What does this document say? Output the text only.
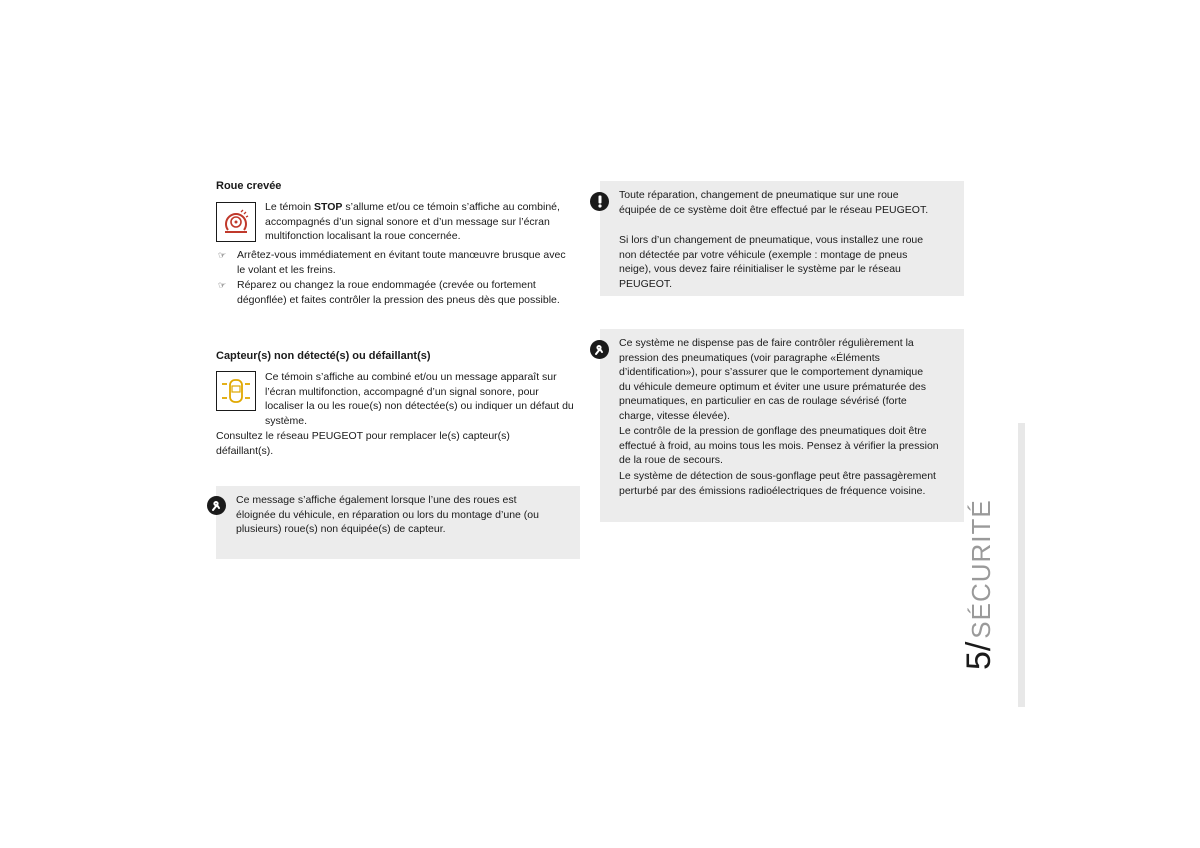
Roue crevée

Le témoin STOP s’allume et/ou ce témoin s’affiche au combiné, accompagnés d’un signal sonore et d’un message sur l’écran multifonction localisant la roue concernée.

☞ Arrêtez-vous immédiatement en évitant toute manœuvre brusque avec le volant et les freins.
☞ Réparez ou changez la roue endommagée (crevée ou fortement dégonflée) et faites contrôler la pression des pneus dès que possible.
Capteur(s) non détecté(s) ou défaillant(s)

Ce témoin s’affiche au combiné et/ou un message apparaît sur l’écran multifonction, accompagné d’un signal sonore, pour localiser la ou les roue(s) non détectée(s) ou indiquer un défaut du système.

Consultez le réseau PEUGEOT pour remplacer le(s) capteur(s) défaillant(s).

Ce message s’affiche également lorsque l’une des roues est éloignée du véhicule, en réparation ou lors du montage d’une (ou plusieurs) roue(s) non équipée(s) de capteur.

Toute réparation, changement de pneumatique sur une roue équipée de ce système doit être effectué par le réseau PEUGEOT.

Si lors d’un changement de pneumatique, vous installez une roue non détectée par votre véhicule (exemple : montage de pneus neige), vous devez faire réinitialiser le système par le réseau PEUGEOT.

Ce système ne dispense pas de faire contrôler régulièrement la pression des pneumatiques (voir paragraphe «Éléments d’identification»), pour s’assurer que le comportement dynamique du véhicule demeure optimum et éviter une usure prématurée des pneumatiques, en particulier en cas de roulage sévérisé (forte charge, vitesse élevée).

Le contrôle de la pression de gonflage des pneumatiques doit être effectué à froid, au moins tous les mois. Pensez à vérifier la pression de la roue de secours.

Le système de détection de sous-gonflage peut être passagèrement perturbé par des émissions radioélectriques de fréquence voisine.

5/ SÉCURITÉ
